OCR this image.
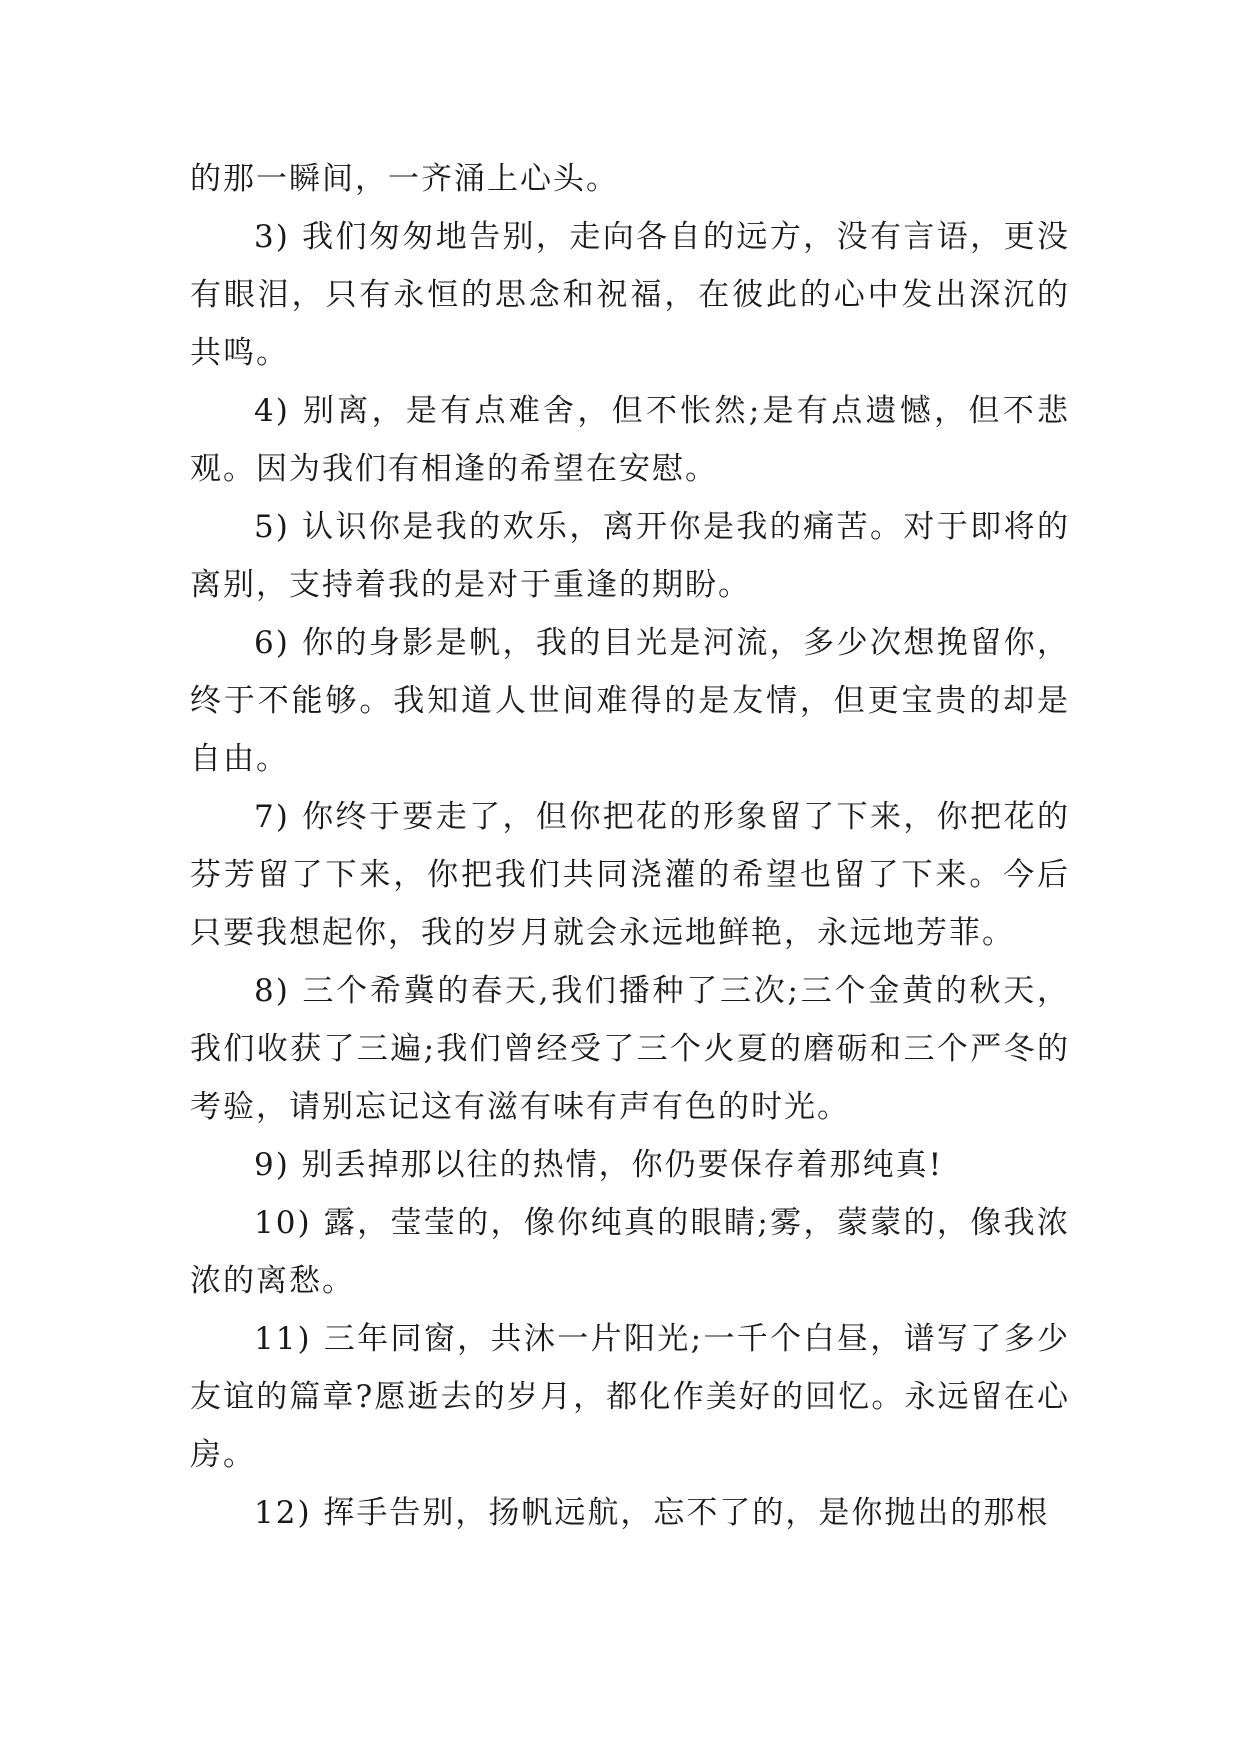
的那一瞬间，一齐涌上心头。

3) 我们匆匆地告别，走向各自的远方，没有言语，更没有眼泪，只有永恒的思念和祝福，在彼此的心中发出深沉的共鸣。

4) 别离，是有点难舍，但不怅然;是有点遗憾，但不悲观。因为我们有相逢的希望在安慰。

5) 认识你是我的欢乐，离开你是我的痛苦。对于即将的离别，支持着我的是对于重逢的期盼。

6) 你的身影是帆，我的目光是河流，多少次想挽留你，终于不能够。我知道人世间难得的是友情，但更宝贵的却是自由。

7) 你终于要走了，但你把花的形象留了下来，你把花的芬芳留了下来，你把我们共同浇灌的希望也留了下来。今后只要我想起你，我的岁月就会永远地鲜艳，永远地芳菲。

8) 三个希冀的春天,我们播种了三次;三个金黄的秋天，我们收获了三遍;我们曾经受了三个火夏的磨砺和三个严冬的考验，请别忘记这有滋有味有声有色的时光。

9) 别丢掉那以往的热情，你仍要保存着那纯真!

10) 露，莹莹的，像你纯真的眼睛;雾，蒙蒙的，像我浓浓的离愁。

11) 三年同窗，共沐一片阳光;一千个白昼，谱写了多少友谊的篇章?愿逝去的岁月，都化作美好的回忆。永远留在心房。

12) 挥手告别，扬帆远航，忘不了的，是你抛出的那根
